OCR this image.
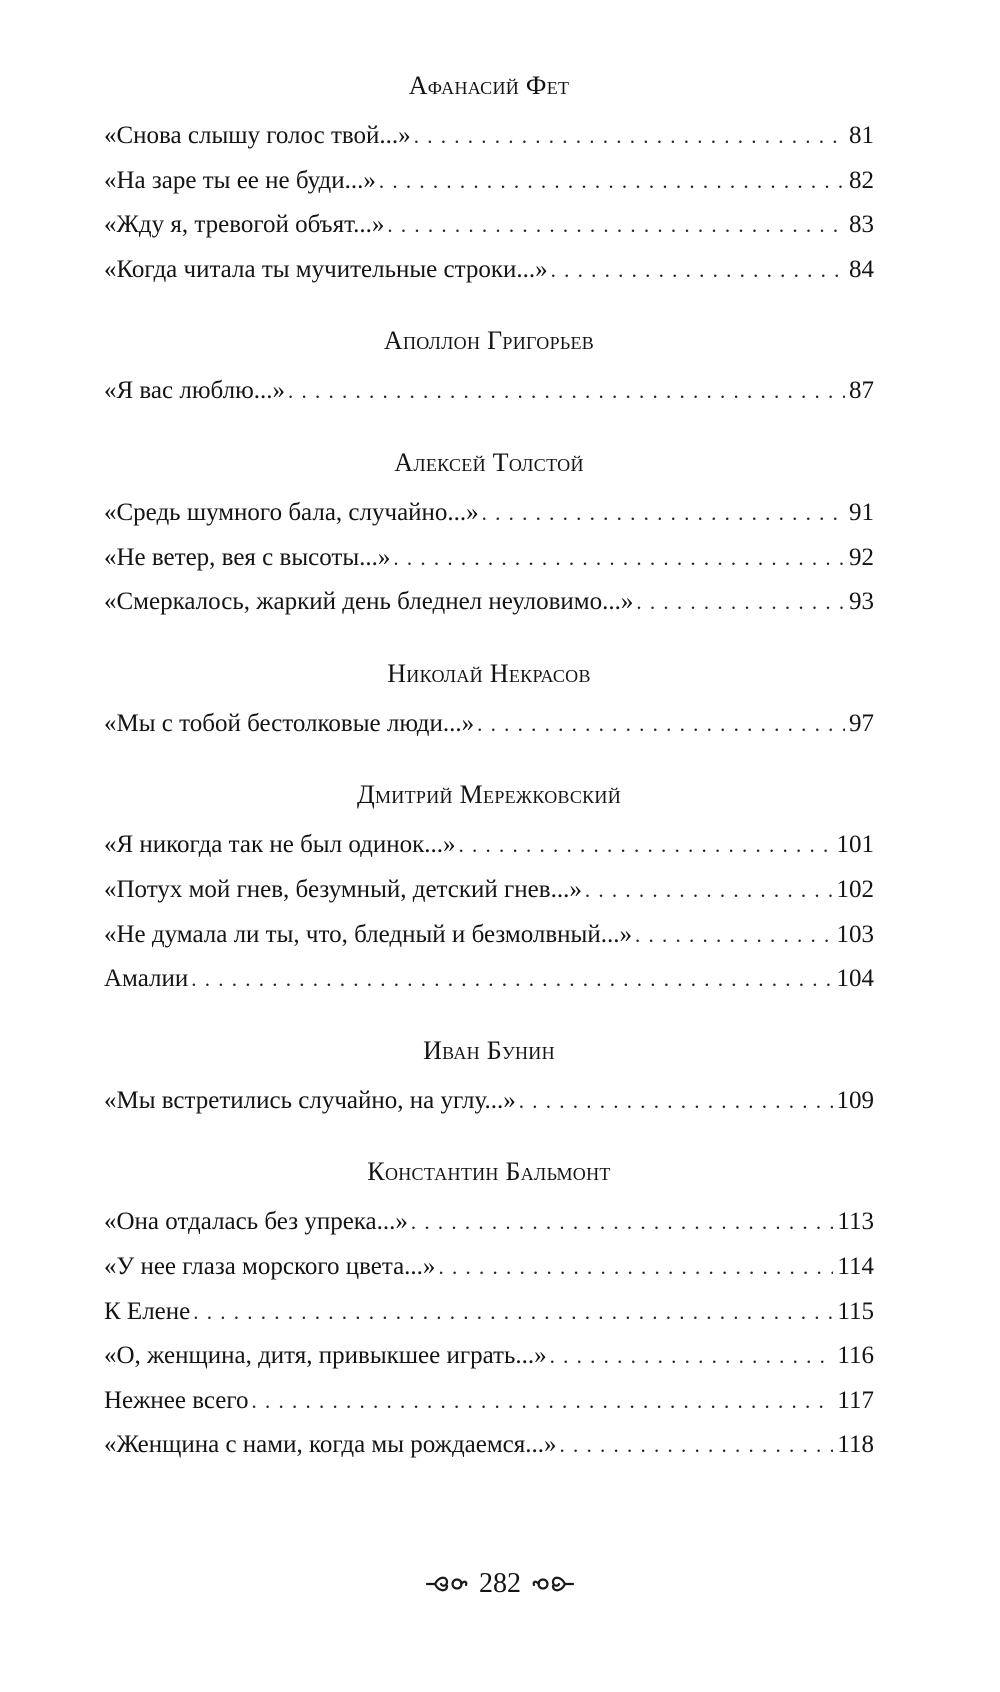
Афанасий Фет
«Снова слышу голос твой...» . . .	81
«На заре ты ее не буди...» . . .	82
«Жду я, тревогой объят...» . . .	83
«Когда читала ты мучительные строки...» . . .	84
Аполлон Григорьев
«Я вас люблю...» . . .	87
Алексей Толстой
«Средь шумного бала, случайно...» . . .	91
«Не ветер, вея с высоты...» . . .	92
«Смеркалось, жаркий день бледнел неуловимо...» . . .	93
Николай Некрасов
«Мы с тобой бестолковые люди...» . . .	97
Дмитрий Мережковский
«Я никогда так не был одинок...» . . .	101
«Потух мой гнев, безумный, детский гнев...» . . .	102
«Не думала ли ты, что, бледный и безмолвный...» . . .	103
Амалии . . .	104
Иван Бунин
«Мы встретились случайно, на углу...» . . .	109
Константин Бальмонт
«Она отдалась без упрека...» . . .	113
«У нее глаза морского цвета...» . . .	114
К Елене . . .	115
«О, женщина, дитя, привыкшее играть...» . . .	116
Нежнее всего . . .	117
«Женщина с нами, когда мы рождаемся...» . . .	118
282
